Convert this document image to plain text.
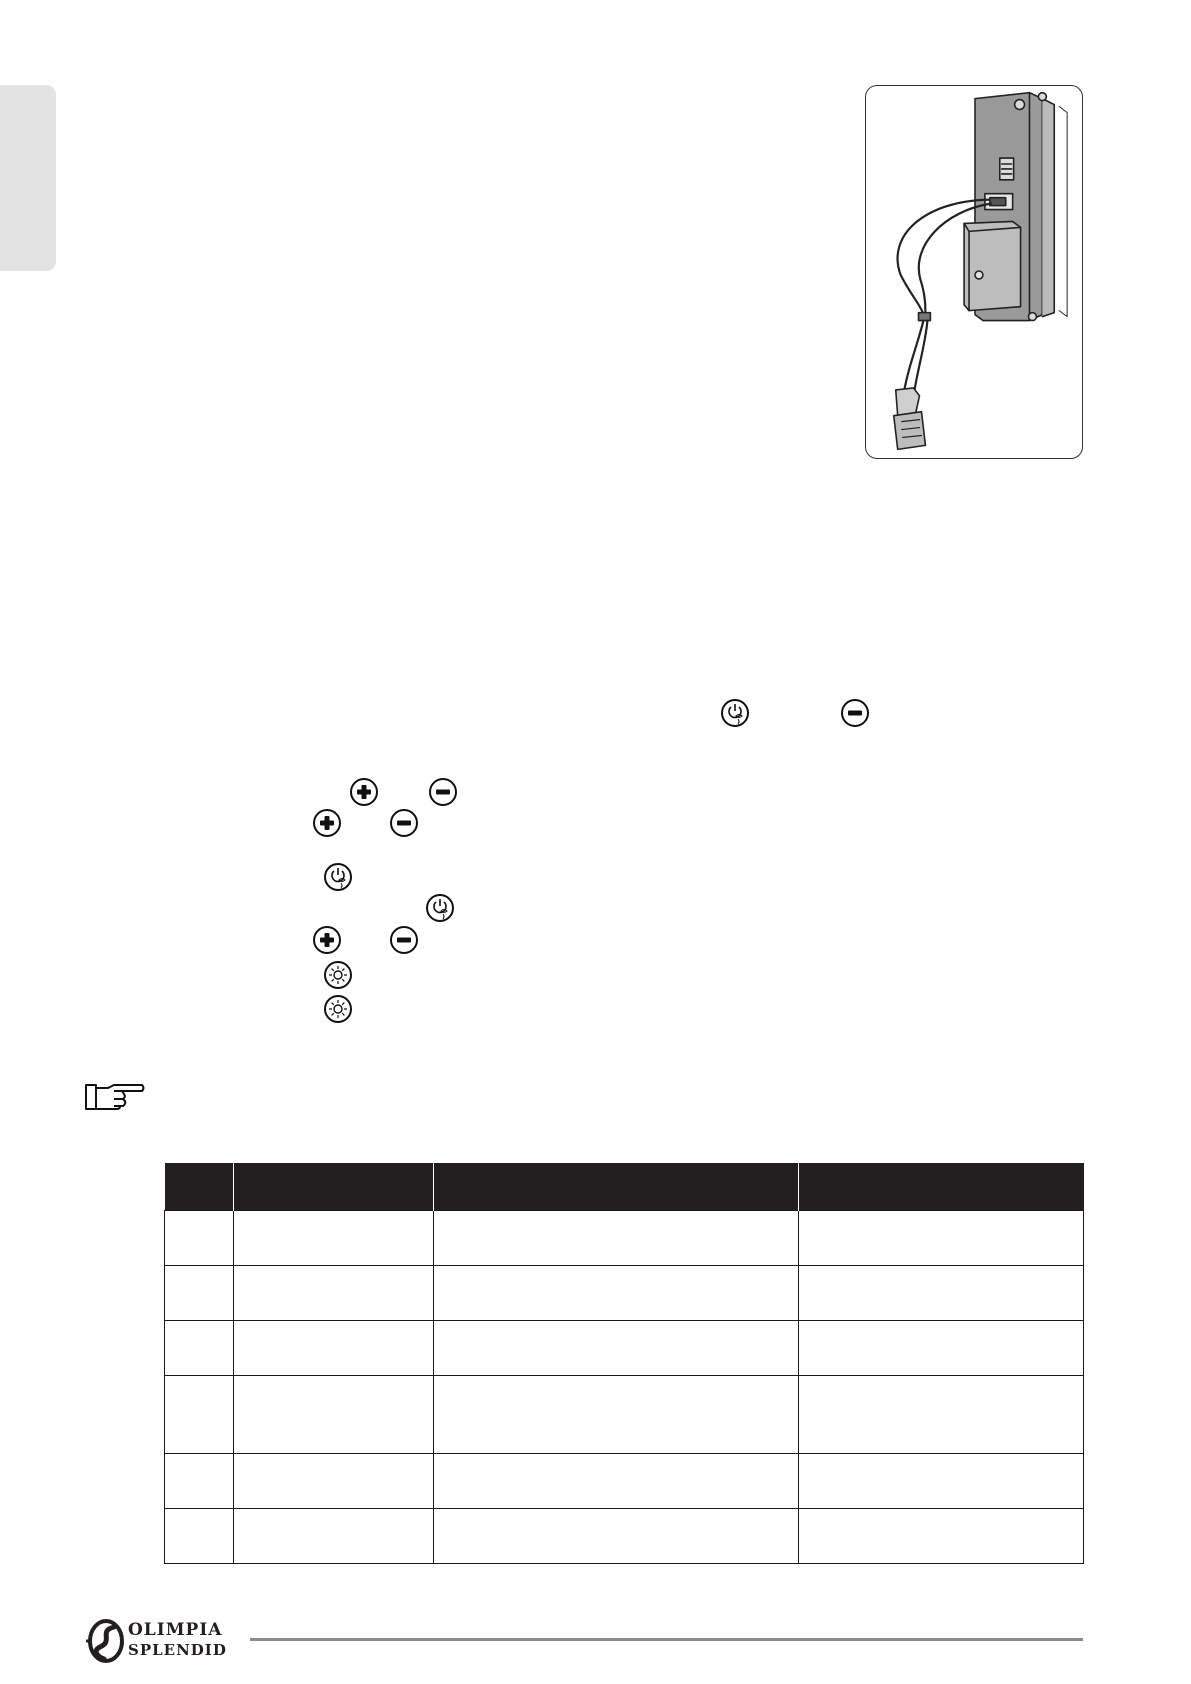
OLIMPIA
SPLENDID
